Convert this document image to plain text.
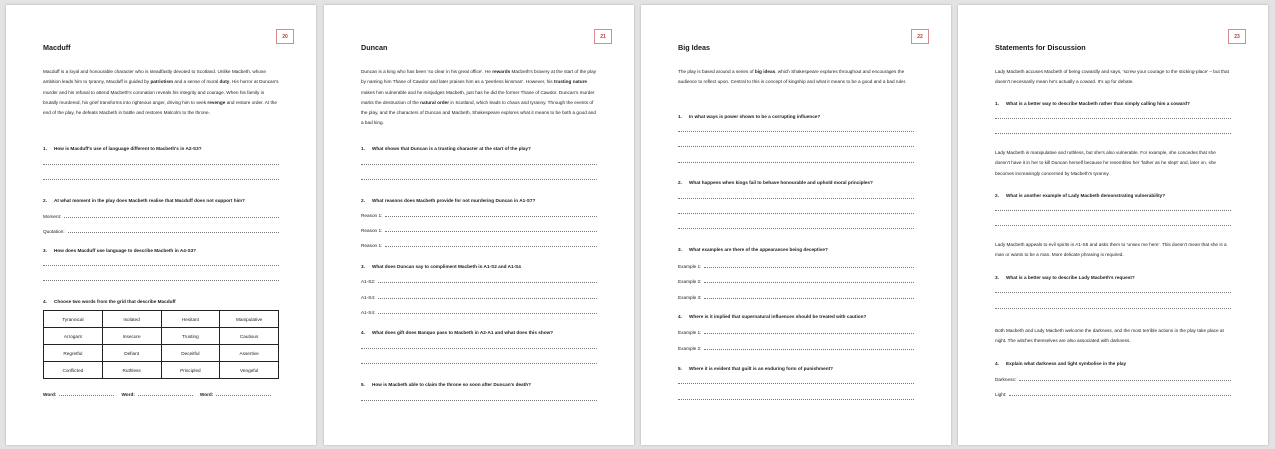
20
Macduff
Macduff is a loyal and honourable character who is steadfastly devoted to Scotland. Unlike Macbeth, whose ambition leads him to tyranny, Macduff is guided by patriotism and a sense of moral duty. His horror at Duncan's murder and his refusal to attend Macbeth's coronation reveals his integrity and courage. When his family is brutally murdered, his grief transforms into righteous anger, driving him to seek revenge and restore order. At the end of the play, he defeats Macbeth in battle and restores Malcolm to the throne.
1. How is Macduff's use of language different to Macbeth's in A2-S3?
2. At what moment in the play does Macbeth realise that Macduff does not support him?
Moment:
Quotation:
3. How does Macduff use language to describe Macbeth in A4-S3?
4. Choose two words from the grid that describe Macduff
Tyrannical	Isolated	Hesitant	Manipulative
Arrogant	Insecure	Trusting	Cautious
Regretful	Defiant	Deceitful	Assertive
Conflicted	Ruthless	Principled	Vengeful
Word:	Word:	Word:
21
Duncan
Duncan is a king who has been 'so clear in his great office'. He rewards Macbeth's bravery at the start of the play by naming him Thane of Cawdor and later praises him as a 'peerless kinsman'. However, his trusting nature makes him vulnerable and he misjudges Macbeth, just has he did the former Thane of Cawdor. Duncan's murder marks the destruction of the natural order in Scotland, which leads to chaos and tyranny. Through the events of the play, and the characters of Duncan and Macbeth, Shakespeare explores what it means to be both a good and a bad king.
1. What shows that Duncan is a trusting character at the start of the play?
2. What reasons does Macbeth provide for not murdering Duncan in A1-S7?
Reason 1:
Reason 1:
Reason 1:
3. What does Duncan say to compliment Macbeth in A1-S2 and A1-S4
A1-S2:
A1-S4:
A1-S4:
4. What does gift does Banquo pass to Macbeth in A2-A1 and what does this show?
5. How is Macbeth able to claim the throne so soon after Duncan's death?
22
Big Ideas
The play is based around a series of big ideas, which Shakespeare explores throughout and encourages the audience to reflect upon. Central to this is concept of kingship and what it means to be a good and a bad ruler.
1. In what ways is power shown to be a corrupting influence?
2. What happens when kings fail to behave honourable and uphold moral principles?
3. What examples are there of the appearances being deceptive?
Example 1:
Example 2:
Example 3:
4. Where is it implied that supernatural influences should be treated with caution?
Example 1:
Example 2:
5. Where it is evident that guilt is an enduring form of punishment?
23
Statements for Discussion
Lady Macbeth accuses Macbeth of being cowardly and says, 'screw your courage to the sticking-place' – but that doesn't necessarily mean he's actually a coward. It's up for debate.
1. What is a better way to describe Macbeth rather than simply calling him a coward?
Lady Macbeth is manipulative and ruthless, but she's also vulnerable. For example, she concedes that she doesn't have it in her to kill Duncan herself because he resembles her 'father as he slept' and, later on, she becomes increasingly concerned by Macbeth's tyranny.
2. What is another example of Lady Macbeth demonstrating vulnerability?
Lady Macbeth appeals to evil spirits in A1-S5 and asks them to 'unsex me here'. This doesn't mean that she is a man or wants to be a man. More delicate phrasing is required.
3. What is a better way to describe Lady Macbeth's request?
Both Macbeth and Lady Macbeth welcome the darkness, and the most terrible actions in the play take place at night. The witches themselves are also associated with darkness.
4. Explain what darkness and light symbolise in the play
Darkness:
Light:
